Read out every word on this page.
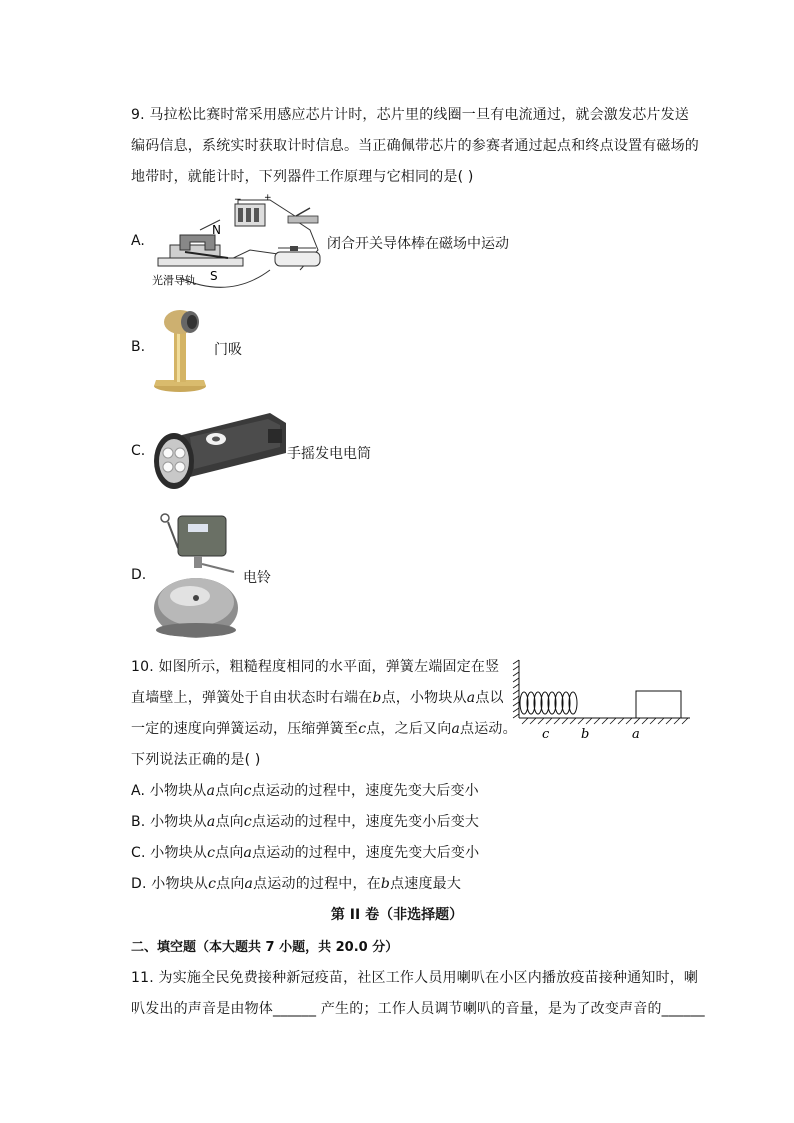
9. 马拉松比赛时常采用感应芯片计时，芯片里的线圈一旦有电流通过，就会激发芯片发送
编码信息，系统实时获取计时信息。当正确佩带芯片的参赛者通过起点和终点设置有磁场的
地带时，就能计时，下列器件工作原理与它相同的是( )
A.
− +
N
S
光滑导轨
闭合开关导体棒在磁场中运动
B.	门吸
C.	手摇发电电筒
D.	电铃
10. 如图所示，粗糙程度相同的水平面，弹簧左端固定在竖
直墙壁上，弹簧处于自由状态时右端在b点，小物块从a点以
一定的速度向弹簧运动，压缩弹簧至c点，之后又向a点运动。
下列说法正确的是( )
c b	a
A. 小物块从a点向c点运动的过程中，速度先变大后变小
B. 小物块从a点向c点运动的过程中，速度先变小后变大
C. 小物块从c点向a点运动的过程中，速度先变大后变小
D. 小物块从c点向a点运动的过程中，在b点速度最大
第 II 卷（非选择题）
二、填空题（本大题共 7 小题，共 20.0 分）
11. 为实施全民免费接种新冠疫苗，社区工作人员用喇叭在小区内播放疫苗接种通知时，喇
叭发出的声音是由物体______ 产生的；工作人员调节喇叭的音量，是为了改变声音的______
